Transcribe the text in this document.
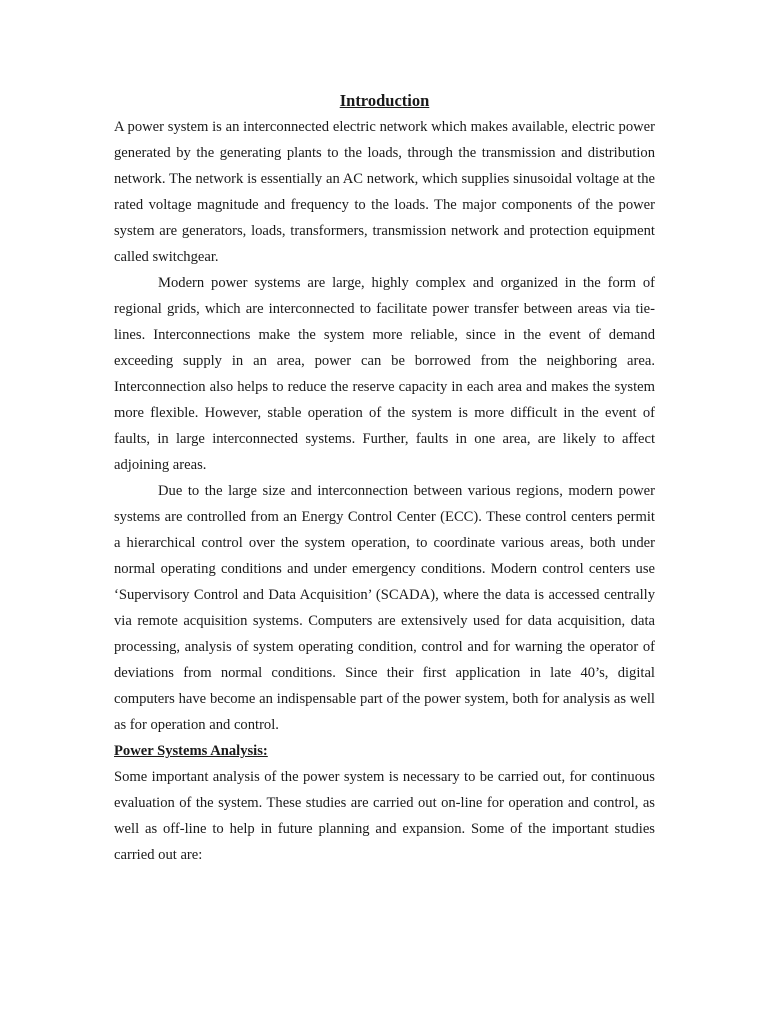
Introduction

A power system is an interconnected electric network which makes available, electric power generated by the generating plants to the loads, through the transmission and distribution network. The network is essentially an AC network, which supplies sinusoidal voltage at the rated voltage magnitude and frequency to the loads. The major components of the power system are generators, loads, transformers, transmission network and protection equipment called switchgear.

Modern power systems are large, highly complex and organized in the form of regional grids, which are interconnected to facilitate power transfer between areas via tie-lines. Interconnections make the system more reliable, since in the event of demand exceeding supply in an area, power can be borrowed from the neighboring area. Interconnection also helps to reduce the reserve capacity in each area and makes the system more flexible. However, stable operation of the system is more difficult in the event of faults, in large interconnected systems. Further, faults in one area, are likely to affect adjoining areas.

Due to the large size and interconnection between various regions, modern power systems are controlled from an Energy Control Center (ECC). These control centers permit a hierarchical control over the system operation, to coordinate various areas, both under normal operating conditions and under emergency conditions. Modern control centers use ‘Supervisory Control and Data Acquisition’ (SCADA), where the data is accessed centrally via remote acquisition systems. Computers are extensively used for data acquisition, data processing, analysis of system operating condition, control and for warning the operator of deviations from normal conditions. Since their first application in late 40’s, digital computers have become an indispensable part of the power system, both for analysis as well as for operation and control.

Power Systems Analysis:

Some important analysis of the power system is necessary to be carried out, for continuous evaluation of the system. These studies are carried out on-line for operation and control, as well as off-line to help in future planning and expansion. Some of the important studies carried out are:
